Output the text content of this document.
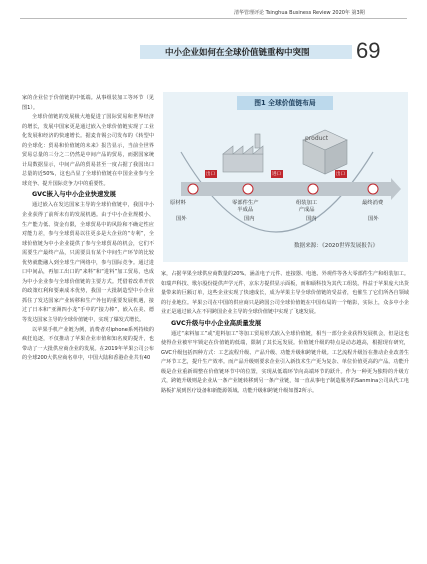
清华管理评论 Tsinghua Business Review 2020年 第3期
中小企业如何在全球价值链重构中突围 69

家的企业位于价值链的中低端。从事组装加工等环节（见图1）。

全球价值链的发展极大地促进了国际贸易和世界经济的增长，发展中国家更是通过嵌入全球价值链实现了工业化发展和经济的快速增长。据麦肯锡公司发布的《转型中的全球化：贸易和价值链的未来》报告显示，当前全世界贸易总量的三分之二仍然是中间产品的贸易，而据国家统计局数据显示，中间产品的贸易甚至一度占据了我国出口总量的近50%，这也凸显了全球价值链在中国企业参与全球竞争、提升国际竞争力中的重要性。

GVC嵌入与中小企业快速发展

通过嵌入在发达国家主导的全球价值链中，我国中小企业获得了前所未有的发展机遇。由于中小企业规模小、生产能力低、资金有限，全球贸易中的风险和不确定性应对能力差，参与全球贸易以往更多是大企业的“专利”，全球价值链为中小企业提供了参与全球贸易的机会，它们不需要生产最终产品，只需要具有某个中间生产环节的比较优势就能融入到全球生产网络中，参与国际竞争。通过进口中间品，再加工出口的“来料”和“进料”加工贸易，也成为中小企业参与全球价值链的主要方式。凭借着改革开放的政策红利和要素成本优势，我国一大批制造型中小企业抓住了发达国家产业转移和生产外包的重要发展机遇，接过了日本和“亚洲四小龙”手中的“接力棒”，嵌入在美、德等发达国家主导的全球价值链中，实现了爆发式增长。

以苹果手机产业链为例，消费者对iphone系列持续的疯狂追逐，不仅推动了苹果企业市值和知名度的提升，也带动了一大批供应商企业的发展。在2019年苹果公司公布的全球200大供应商名单中，中国大陆和香港企业共有40

图1 全球价值链布局
product
出口	进口	出口
原材料
国外
零部件生产
半成品
国内
组装加工
产成品
国内
最终消费
国外
数据来源：《2020世界发展报告》

家，占据苹果全球供应商数量的20%。涵盖电子元件、连接器、电池、外观件等各大零部件生产和组装加工。如瑞声科技、歌尔股份提供声学元件，京东方提供显示面板，而和硕科技为其代工组装。得益于苹果庞大出货量带来的巨额订单，这些企业实现了快速成长，成为苹果主导全球价值链的受益者，也催生了它们所各自领域的行业地位。苹果公司在中国的供应商只是跨国公司全球价值链在中国布局的一个缩影，实际上，众多中小企业正是通过嵌入在不同跨国企业主导的全球价值链中实现了飞速发展。

GVC升级与中小企业高质量发展

通过“来料加工”或“进料加工”等加工贸易形式嵌入全球价值链，相当一部分企业获得发展机会，但是这也使得企业被牢牢锁定在价值链的低端，限制了其长远发展。价值链升级的特点是动态越高，根据现有研究，GVC升级包括四种方式：工艺流程升级、产品升级、功能升级和跨链升级。工艺流程升级旨在推动企业改善生产环节工艺，提升生产效率。而产品升级则要求企业引入新技术生产更为复杂、单位价值更高的产品。功能升级是企业重新调整在价值链环节中的位置，实现从低端环节向高端环节的跃升。作为一种更为独特的升级方式，跨链升级则是企业从一条产业链转移到另一条产业链，如一直从事电子制造服务的Sanmina公司从代工电路板扩展到医疗设备和新能源领域。功能升级和跨链升级如图2所示。
